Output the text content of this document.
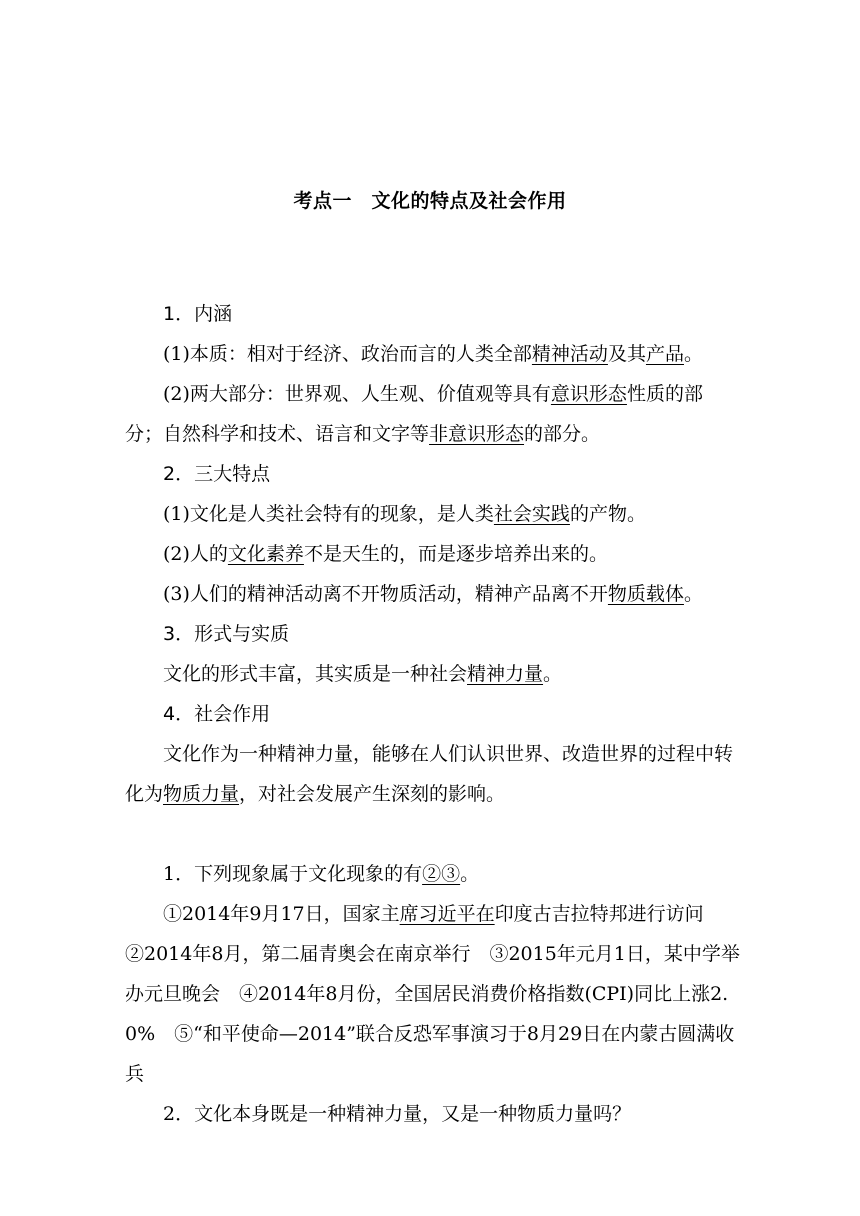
考点一　文化的特点及社会作用

1．内涵

(1)本质：相对于经济、政治而言的人类全部精神活动及其产品。

(2)两大部分：世界观、人生观、价值观等具有意识形态性质的部分；自然科学和技术、语言和文字等非意识形态的部分。

2．三大特点

(1)文化是人类社会特有的现象，是人类社会实践的产物。

(2)人的文化素养不是天生的，而是逐步培养出来的。

(3)人们的精神活动离不开物质活动，精神产品离不开物质载体。

3．形式与实质

文化的形式丰富，其实质是一种社会精神力量。

4．社会作用

文化作为一种精神力量，能够在人们认识世界、改造世界的过程中转化为物质力量，对社会发展产生深刻的影响。

1．下列现象属于文化现象的有②③。

①2014年9月17日，国家主席习近平在印度古吉拉特邦进行访问　②2014年8月，第二届青奥会在南京举行　③2015年元月1日，某中学举办元旦晚会　④2014年8月份，全国居民消费价格指数(CPI)同比上涨2.0%　⑤“和平使命—2014”联合反恐军事演习于8月29日在内蒙古圆满收兵

2．文化本身既是一种精神力量，又是一种物质力量吗？
